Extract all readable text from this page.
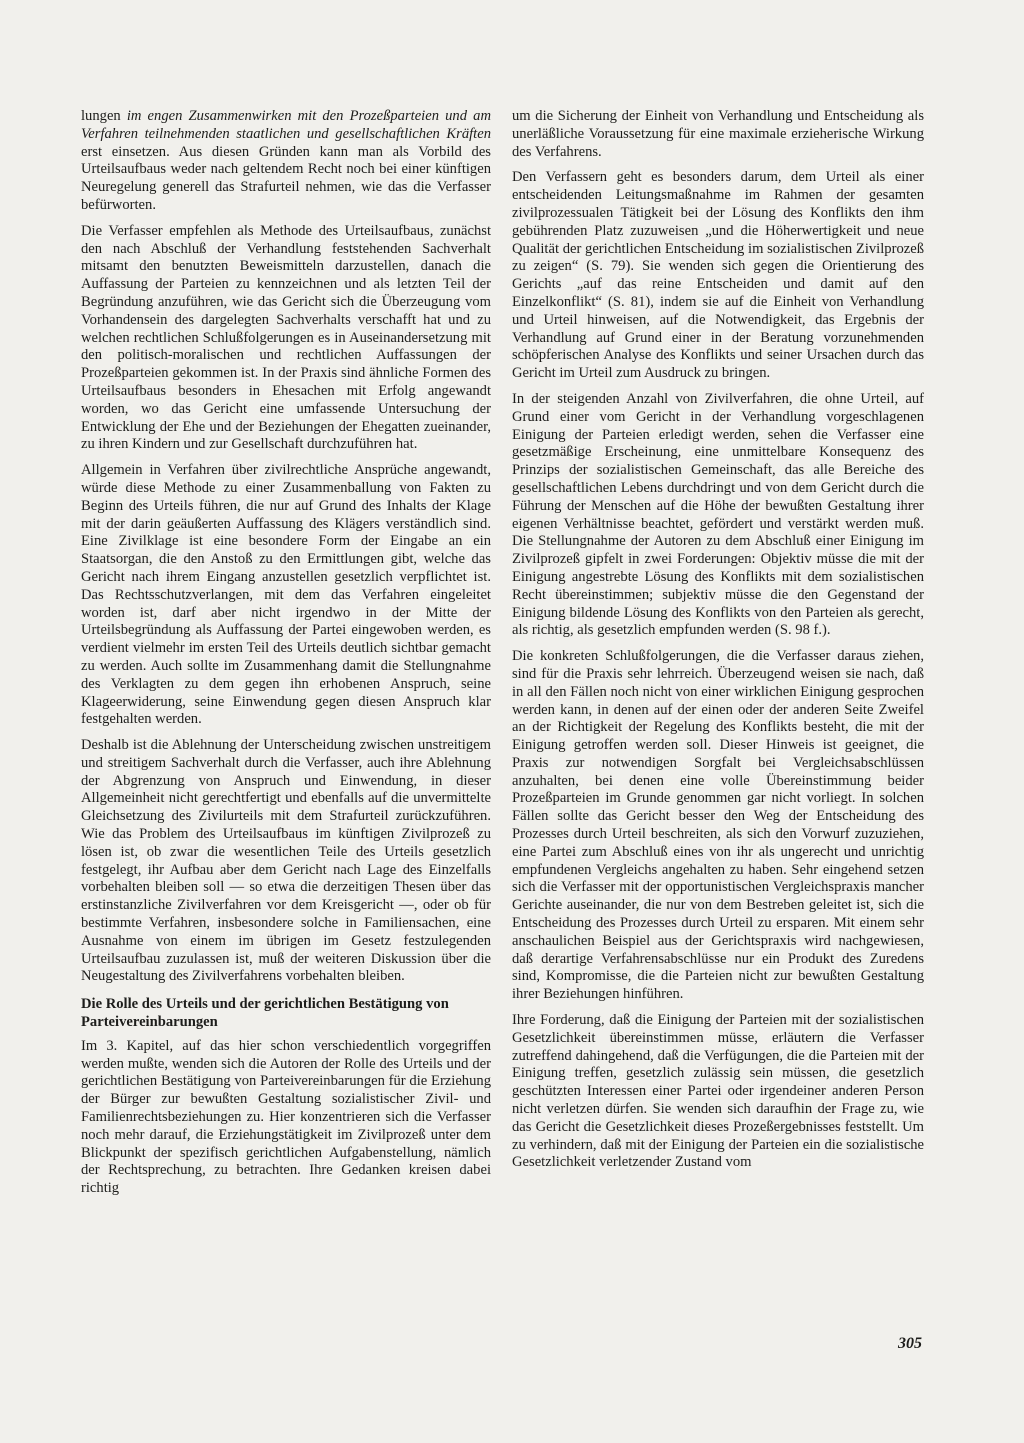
lungen im engen Zusammenwirken mit den Prozeßparteien und am Verfahren teilnehmenden staatlichen und gesellschaftlichen Kräften erst einsetzen. Aus diesen Gründen kann man als Vorbild des Urteilsaufbaus weder nach geltendem Recht noch bei einer künftigen Neuregelung generell das Strafurteil nehmen, wie das die Verfasser befürworten.

Die Verfasser empfehlen als Methode des Urteilsaufbaus, zunächst den nach Abschluß der Verhandlung feststehenden Sachverhalt mitsamt den benutzten Beweismitteln darzustellen, danach die Auffassung der Parteien zu kennzeichnen und als letzten Teil der Begründung anzuführen, wie das Gericht sich die Überzeugung vom Vorhandensein des dargelegten Sachverhalts verschafft hat und zu welchen rechtlichen Schlußfolgerungen es in Auseinandersetzung mit den politisch-moralischen und rechtlichen Auffassungen der Prozeßparteien gekommen ist. In der Praxis sind ähnliche Formen des Urteilsaufbaus besonders in Ehesachen mit Erfolg angewandt worden, wo das Gericht eine umfassende Untersuchung der Entwicklung der Ehe und der Beziehungen der Ehegatten zueinander, zu ihren Kindern und zur Gesellschaft durchzuführen hat.

Allgemein in Verfahren über zivilrechtliche Ansprüche angewandt, würde diese Methode zu einer Zusammenballung von Fakten zu Beginn des Urteils führen, die nur auf Grund des Inhalts der Klage mit der darin geäußerten Auffassung des Klägers verständlich sind. Eine Zivilklage ist eine besondere Form der Eingabe an ein Staatsorgan, die den Anstoß zu den Ermittlungen gibt, welche das Gericht nach ihrem Eingang anzustellen gesetzlich verpflichtet ist. Das Rechtsschutzverlangen, mit dem das Verfahren eingeleitet worden ist, darf aber nicht irgendwo in der Mitte der Urteilsbegründung als Auffassung der Partei eingewoben werden, es verdient vielmehr im ersten Teil des Urteils deutlich sichtbar gemacht zu werden. Auch sollte im Zusammenhang damit die Stellungnahme des Verklagten zu dem gegen ihn erhobenen Anspruch, seine Klageerwiderung, seine Einwendung gegen diesen Anspruch klar festgehalten werden.

Deshalb ist die Ablehnung der Unterscheidung zwischen unstreitigem und streitigem Sachverhalt durch die Verfasser, auch ihre Ablehnung der Abgrenzung von Anspruch und Einwendung, in dieser Allgemeinheit nicht gerechtfertigt und ebenfalls auf die unvermittelte Gleichsetzung des Zivilurteils mit dem Strafurteil zurückzuführen. Wie das Problem des Urteilsaufbaus im künftigen Zivilprozeß zu lösen ist, ob zwar die wesentlichen Teile des Urteils gesetzlich festgelegt, ihr Aufbau aber dem Gericht nach Lage des Einzelfalls vorbehalten bleiben soll — so etwa die derzeitigen Thesen über das erstinstanzliche Zivilverfahren vor dem Kreisgericht —, oder ob für bestimmte Verfahren, insbesondere solche in Familiensachen, eine Ausnahme von einem im übrigen im Gesetz festzulegenden Urteilsaufbau zuzulassen ist, muß der weiteren Diskussion über die Neugestaltung des Zivilverfahrens vorbehalten bleiben.

Die Rolle des Urteils und der gerichtlichen Bestätigung von Parteivereinbarungen

Im 3. Kapitel, auf das hier schon verschiedentlich vorgegriffen werden mußte, wenden sich die Autoren der Rolle des Urteils und der gerichtlichen Bestätigung von Parteivereinbarungen für die Erziehung der Bürger zur bewußten Gestaltung sozialistischer Zivil- und Familienrechtsbeziehungen zu. Hier konzentrieren sich die Verfasser noch mehr darauf, die Erziehungstätigkeit im Zivilprozeß unter dem Blickpunkt der spezifisch gerichtlichen Aufgabenstellung, nämlich der Rechtsprechung, zu betrachten. Ihre Gedanken kreisen dabei richtig

um die Sicherung der Einheit von Verhandlung und Entscheidung als unerläßliche Voraussetzung für eine maximale erzieherische Wirkung des Verfahrens.

Den Verfassern geht es besonders darum, dem Urteil als einer entscheidenden Leitungsmaßnahme im Rahmen der gesamten zivilprozessualen Tätigkeit bei der Lösung des Konflikts den ihm gebührenden Platz zuzuweisen „und die Höherwertigkeit und neue Qualität der gerichtlichen Entscheidung im sozialistischen Zivilprozeß zu zeigen“ (S. 79). Sie wenden sich gegen die Orientierung des Gerichts „auf das reine Entscheiden und damit auf den Einzelkonflikt“ (S. 81), indem sie auf die Einheit von Verhandlung und Urteil hinweisen, auf die Notwendigkeit, das Ergebnis der Verhandlung auf Grund einer in der Beratung vorzunehmenden schöpferischen Analyse des Konflikts und seiner Ursachen durch das Gericht im Urteil zum Ausdruck zu bringen.

In der steigenden Anzahl von Zivilverfahren, die ohne Urteil, auf Grund einer vom Gericht in der Verhandlung vorgeschlagenen Einigung der Parteien erledigt werden, sehen die Verfasser eine gesetzmäßige Erscheinung, eine unmittelbare Konsequenz des Prinzips der sozialistischen Gemeinschaft, das alle Bereiche des gesellschaftlichen Lebens durchdringt und von dem Gericht durch die Führung der Menschen auf die Höhe der bewußten Gestaltung ihrer eigenen Verhältnisse beachtet, gefördert und verstärkt werden muß. Die Stellungnahme der Autoren zu dem Abschluß einer Einigung im Zivilprozeß gipfelt in zwei Forderungen: Objektiv müsse die mit der Einigung angestrebte Lösung des Konflikts mit dem sozialistischen Recht übereinstimmen; subjektiv müsse die den Gegenstand der Einigung bildende Lösung des Konflikts von den Parteien als gerecht, als richtig, als gesetzlich empfunden werden (S. 98 f.).

Die konkreten Schlußfolgerungen, die die Verfasser daraus ziehen, sind für die Praxis sehr lehrreich. Überzeugend weisen sie nach, daß in all den Fällen noch nicht von einer wirklichen Einigung gesprochen werden kann, in denen auf der einen oder der anderen Seite Zweifel an der Richtigkeit der Regelung des Konflikts besteht, die mit der Einigung getroffen werden soll. Dieser Hinweis ist geeignet, die Praxis zur notwendigen Sorgfalt bei Vergleichsabschlüssen anzuhalten, bei denen eine volle Übereinstimmung beider Prozeßparteien im Grunde genommen gar nicht vorliegt. In solchen Fällen sollte das Gericht besser den Weg der Entscheidung des Prozesses durch Urteil beschreiten, als sich den Vorwurf zuzuziehen, eine Partei zum Abschluß eines von ihr als ungerecht und unrichtig empfundenen Vergleichs angehalten zu haben. Sehr eingehend setzen sich die Verfasser mit der opportunistischen Vergleichspraxis mancher Gerichte auseinander, die nur von dem Bestreben geleitet ist, sich die Entscheidung des Prozesses durch Urteil zu ersparen. Mit einem sehr anschaulichen Beispiel aus der Gerichtspraxis wird nachgewiesen, daß derartige Verfahrensabschlüsse nur ein Produkt des Zuredens sind, Kompromisse, die die Parteien nicht zur bewußten Gestaltung ihrer Beziehungen hinführen.

Ihre Forderung, daß die Einigung der Parteien mit der sozialistischen Gesetzlichkeit übereinstimmen müsse, erläutern die Verfasser zutreffend dahingehend, daß die Verfügungen, die die Parteien mit der Einigung treffen, gesetzlich zulässig sein müssen, die gesetzlich geschützten Interessen einer Partei oder irgendeiner anderen Person nicht verletzen dürfen. Sie wenden sich daraufhin der Frage zu, wie das Gericht die Gesetzlichkeit dieses Prozeßergebnisses feststellt. Um zu verhindern, daß mit der Einigung der Parteien ein die sozialistische Gesetzlichkeit verletzender Zustand vom

305
